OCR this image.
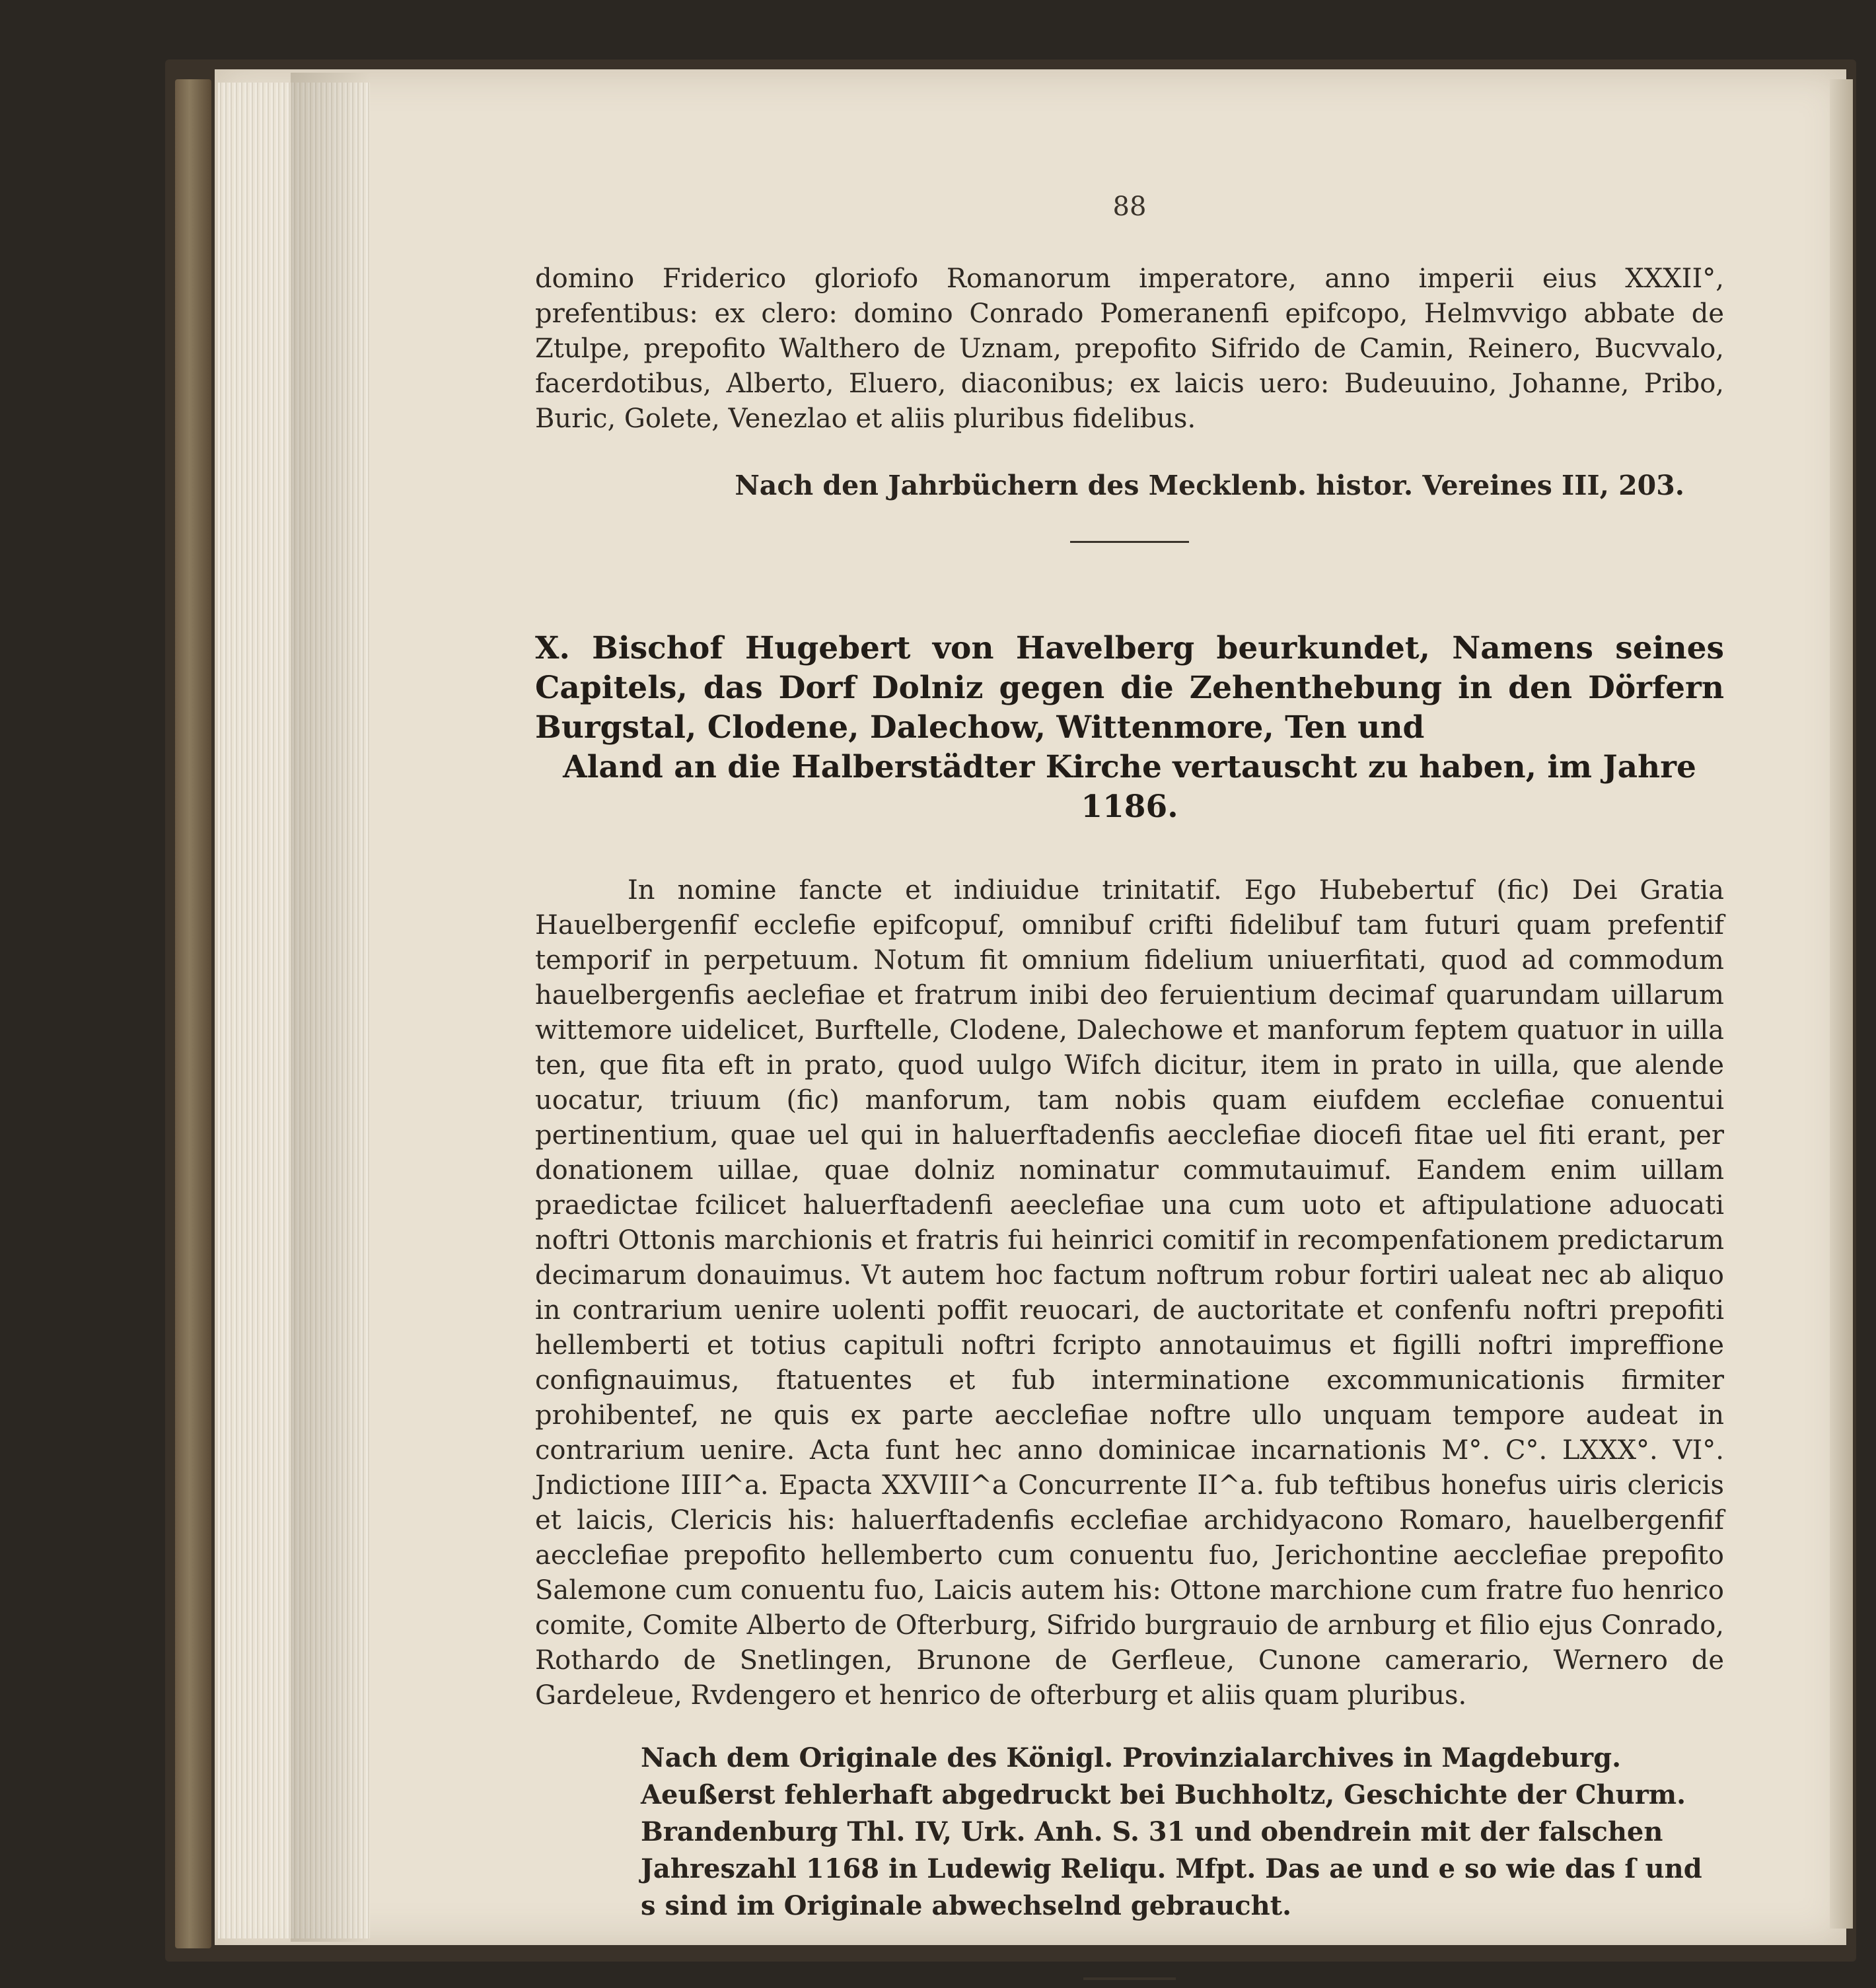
88

domino Friderico gloriofo Romanorum imperatore, anno imperii eius XXXII°, prefentibus: ex clero: domino Conrado Pomeranenfi epifcopo, Helmvvigo abbate de Ztulpe, prepofito Walthero de Uznam, prepofito Sifrido de Camin, Reinero, Bucvvalo, facerdotibus, Alberto, Eluero, diaconibus; ex laicis uero: Budeuuino, Johanne, Pribo, Buric, Golete, Venezlao et aliis pluribus fidelibus.

Nach den Jahrbüchern des Mecklenb. histor. Vereines III, 203.
X. Bischof Hugebert von Havelberg beurkundet, Namens seines Capitels, das Dorf Dolniz gegen die Zehenthebung in den Dörfern Burgstal, Clodene, Dalechow, Wittenmore, Ten und
Aland an die Halberstädter Kirche vertauscht zu haben, im Jahre 1186.

In nomine fancte et indiuidue trinitatif. Ego Hubebertuf (fic) Dei Gratia Hauelbergenfif ecclefie epifcopuf, omnibuf crifti fidelibuf tam futuri quam prefentif temporif in perpetuum. Notum fit omnium fidelium uniuerfitati, quod ad commodum hauelbergenfis aeclefiae et fratrum inibi deo feruientium decimaf quarundam uillarum wittemore uidelicet, Burftelle, Clodene, Dalechowe et manforum feptem quatuor in uilla ten, que fita eft in prato, quod uulgo Wifch dicitur, item in prato in uilla, que alende uocatur, triuum (fic) manforum, tam nobis quam eiufdem ecclefiae conuentui pertinentium, quae uel qui in haluerftadenfis aecclefiae diocefi fitae uel fiti erant, per donationem uillae, quae dolniz nominatur commutauimuf. Eandem enim uillam praedictae fcilicet haluerftadenfi aeeclefiae una cum uoto et aftipulatione aduocati noftri Ottonis marchionis et fratris fui heinrici comitif in recompenfationem predictarum decimarum donauimus. Vt autem hoc factum noftrum robur fortiri ualeat nec ab aliquo in contrarium uenire uolenti poffit reuocari, de auctoritate et confenfu noftri prepofiti hellemberti et totius capituli noftri fcripto annotauimus et figilli noftri impreffione confignauimus, ftatuentes et fub interminatione excommunicationis firmiter prohibentef, ne quis ex parte aecclefiae noftre ullo unquam tempore audeat in contrarium uenire. Acta funt hec anno dominicae incarnationis M°. C°. LXXX°. VI°. Jndictione IIII^a. Epacta XXVIII^a Concurrente II^a. fub teftibus honefus uiris clericis et laicis, Clericis his: haluerftadenfis ecclefiae archidyacono Romaro, hauelbergenfif aecclefiae prepofito hellemberto cum conuentu fuo, Jerichontine aecclefiae prepofito Salemone cum conuentu fuo, Laicis autem his: Ottone marchione cum fratre fuo henrico comite, Comite Alberto de Ofterburg, Sifrido burgrauio de arnburg et filio ejus Conrado, Rothardo de Snetlingen, Brunone de Gerfleue, Cunone camerario, Wernero de Gardeleue, Rvdengero et henrico de ofterburg et aliis quam pluribus.

Nach dem Originale des Königl. Provinzialarchives in Magdeburg. Aeußerst fehlerhaft abgedruckt bei Buchholtz, Geschichte der Churm. Brandenburg Thl. IV, Urk. Anh. S. 31 und obendrein mit der falschen Jahreszahl 1168 in Ludewig Reliqu. Mfpt. Das ae und e so wie das ſ und s sind im Originale abwechselnd gebraucht.
